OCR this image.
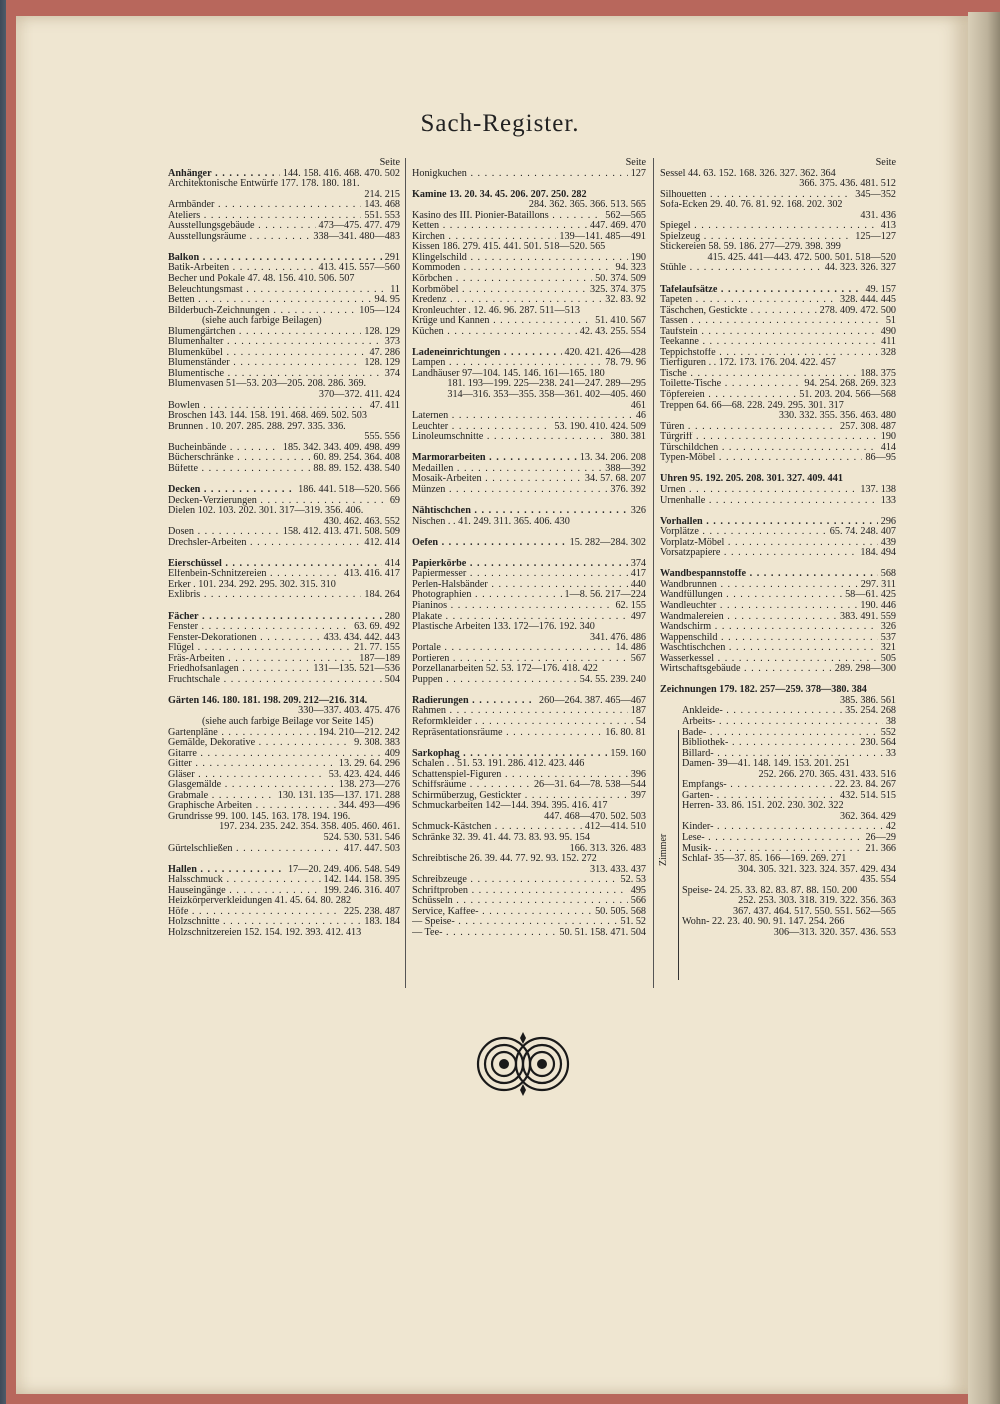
Sach-Register.
Seite
Anhänger . . .	144. 158. 416. 468. 470. 502
Architektonische Entwürfe 177. 178. 180. 181.
214. 215
Armbänder . . .	143. 468
Ateliers . . .	551. 553
Ausstellungsgebäude . . .	473—475. 477. 479
Ausstellungsräume . . .	338—341. 480—483
Balkon . . .	291
Batik-Arbeiten . . .	413. 415. 557—560
Becher und Pokale 47. 48. 156. 410. 506. 507
Beleuchtungsmast . . .	11
Betten . . .	94. 95
Bilderbuch-Zeichnungen . . .	105—124
(siehe auch farbige Beilagen)
Blumengärtchen . . .	128. 129
Blumenhalter . . .	373
Blumenkübel . . .	47. 286
Blumenständer . . .	128. 129
Blumentische . . .	374
Blumenvasen 51—53. 203—205. 208. 286. 369.
370—372. 411. 424
Bowlen . . .	47. 411
Broschen 143. 144. 158. 191. 468. 469. 502. 503
Brunnen . 10. 207. 285. 288. 297. 335. 336.
555. 556
Bucheinbände . . .	185. 342. 343. 409. 498. 499
Bücherschränke . . .	60. 89. 254. 364. 408
Büfette . . .	88. 89. 152. 438. 540
Decken . . .	186. 441. 518—520. 566
Decken-Verzierungen . . .	69
Dielen 102. 103. 202. 301. 317—319. 356. 406.
430. 462. 463. 552
Dosen . . .	158. 412. 413. 471. 508. 509
Drechsler-Arbeiten . . .	412. 414
Eierschüssel . . .	414
Elfenbein-Schnitzereien . . .	413. 416. 417
Erker . 101. 234. 292. 295. 302. 315. 310
Exlibris . . .	184. 264
Fächer . . .	280
Fenster . . .	63. 69. 492
Fenster-Dekorationen . . .	433. 434. 442. 443
Flügel . . .	21. 77. 155
Fräs-Arbeiten . . .	187—189
Friedhofsanlagen . . .	131—135. 521—536
Fruchtschale . . .	504
Gärten 146. 180. 181. 198. 209. 212—216. 314.
330—337. 403. 475. 476
(siehe auch farbige Beilage vor Seite 145)
Gartenpläne . . .	194. 210—212. 242
Gemälde, Dekorative . . .	9. 308. 383
Gitarre . . .	409
Gitter . . .	13. 29. 64. 296
Gläser . . .	53. 423. 424. 446
Glasgemälde . . .	138. 273—276
Grabmale . . .	130. 131. 135—137. 171. 288
Graphische Arbeiten . . .	344. 493—496
Grundrisse 99. 100. 145. 163. 178. 194. 196.
197. 234. 235. 242. 354. 358. 405. 460. 461.
524. 530. 531. 546
Gürtelschließen . . .	417. 447. 503
Hallen . . .	17—20. 249. 406. 548. 549
Halsschmuck . . .	142. 144. 158. 395
Hauseingänge . . .	199. 246. 316. 407
Heizkörperverkleidungen 41. 45. 64. 80. 282
Höfe . . .	225. 238. 487
Holzschnitte . . .	183. 184
Holzschnitzereien 152. 154. 192. 393. 412. 413
Seite
Honigkuchen . . .	127
Kamine 13. 20. 34. 45. 206. 207. 250. 282
284. 362. 365. 366. 513. 565
Kasino des III. Pionier-Bataillons . . .	562—565
Ketten . . .	447. 469. 470
Kirchen . . .	139—141. 485—491
Kissen 186. 279. 415. 441. 501. 518—520. 565
Klingelschild . . .	190
Kommoden . . .	94. 323
Körbchen . . .	50. 374. 509
Korbmöbel . . .	325. 374. 375
Kredenz . . .	32. 83. 92
Kronleuchter . 12. 46. 96. 287. 511—513
Krüge und Kannen . . .	51. 410. 567
Küchen . . .	42. 43. 255. 554
Ladeneinrichtungen . . .	420. 421. 426—428
Lampen . . .	78. 79. 96
Landhäuser 97—104. 145. 146. 161—165. 180
181. 193—199. 225—238. 241—247. 289—295
314—316. 353—355. 358—361. 402—405. 460
461
Laternen . . .	46
Leuchter . . .	53. 190. 410. 424. 509
Linoleumschnitte . . .	380. 381
Marmorarbeiten . . .	13. 34. 206. 208
Medaillen . . .	388—392
Mosaik-Arbeiten . . .	34. 57. 68. 207
Münzen . . .	376. 392
Nähtischchen . . .	326
Nischen . . 41. 249. 311. 365. 406. 430
Oefen . . .	15. 282—284. 302
Papierkörbe . . .	374
Papiermesser . . .	417
Perlen-Halsbänder . . .	440
Photographien . . .	1—8. 56. 217—224
Pianinos . . .	62. 155
Plakate . . .	497
Plastische Arbeiten 133. 172—176. 192. 340
341. 476. 486
Portale . . .	14. 486
Portieren . . .	567
Porzellanarbeiten 52. 53. 172—176. 418. 422
Puppen . . .	54. 55. 239. 240
Radierungen . . .	260—264. 387. 465—467
Rahmen . . .	187
Reformkleider . . .	54
Repräsentationsräume . . .	16. 80. 81
Sarkophag . . .	159. 160
Schalen . . 51. 53. 191. 286. 412. 423. 446
Schattenspiel-Figuren . . .	396
Schiffsräume . . .	26—31. 64—78. 538—544
Schirmüberzug, Gestickter . . .	397
Schmuckarbeiten 142—144. 394. 395. 416. 417
447. 468—470. 502. 503
Schmuck-Kästchen . . .	412—414. 510
Schränke 32. 39. 41. 44. 73. 83. 93. 95. 154
166. 313. 326. 483
Schreibtische 26. 39. 44. 77. 92. 93. 152. 272
313. 433. 437
Schreibzeuge . . .	52. 53
Schriftproben . . .	495
Schüsseln . . .	566
Service, Kaffee- . . .	50. 505. 568
— Speise- . . .	51. 52
— Tee- . . .	50. 51. 158. 471. 504
Seite
Sessel 44. 63. 152. 168. 326. 327. 362. 364
366. 375. 436. 481. 512
Silhouetten . . .	345—352
Sofa-Ecken 29. 40. 76. 81. 92. 168. 202. 302
431. 436
Spiegel . . .	413
Spielzeug . . .	125—127
Stickereien 58. 59. 186. 277—279. 398. 399
415. 425. 441—443. 472. 500. 501. 518—520
Stühle . . .	44. 323. 326. 327
Tafelaufsätze . . .	49. 157
Tapeten . . .	328. 444. 445
Täschchen, Gestickte . . .	278. 409. 472. 500
Tassen . . .	51
Taufstein . . .	490
Teekanne . . .	411
Teppichstoffe . . .	328
Tierfiguren . . 172. 173. 176. 204. 422. 457
Tische . . .	188. 375
Toilette-Tische . . .	94. 254. 268. 269. 323
Töpfereien . . .	51. 203. 204. 566—568
Treppen 64. 66—68. 228. 249. 295. 301. 317
330. 332. 355. 356. 463. 480
Türen . . .	257. 308. 487
Türgriff . . .	190
Türschildchen . . .	414
Typen-Möbel . . .	86—95
Uhren 95. 192. 205. 208. 301. 327. 409. 441
Urnen . . .	137. 138
Urnenhalle . . .	133
Vorhallen . . .	296
Vorplätze . . .	65. 74. 248. 407
Vorplatz-Möbel . . .	439
Vorsatzpapiere . . .	184. 494
Wandbespannstoffe . . .	568
Wandbrunnen . . .	297. 311
Wandfüllungen . . .	58—61. 425
Wandleuchter . . .	190. 446
Wandmalereien . . .	383. 491. 559
Wandschirm . . .	326
Wappenschild . . .	537
Waschtischchen . . .	321
Wasserkessel . . .	505
Wirtschaftsgebäude . . .	289. 298—300
Zeichnungen 179. 182. 257—259. 378—380. 384
385. 386. 561
Ankleide- . . .	35. 254. 268
Arbeits- . . .	38
Bade- . . .	552
Bibliothek- . . .	230. 564
Billard- . . .	33
Damen- 39—41. 148. 149. 153. 201. 251
252. 266. 270. 365. 431. 433. 516
Empfangs- . . .	22. 23. 84. 267
Garten- . . .	432. 514. 515
Herren- 33. 86. 151. 202. 230. 302. 322
362. 364. 429
Kinder- . . .	42
Lese- . . .	26—29
Musik- . . .	21. 366
Schlaf- 35—37. 85. 166—169. 269. 271
304. 305. 321. 323. 324. 357. 429. 434
435. 554
Speise- 24. 25. 33. 82. 83. 87. 88. 150. 200
252. 253. 303. 318. 319. 322. 356. 363
367. 437. 464. 517. 550. 551. 562—565
Wohn- 22. 23. 40. 90. 91. 147. 254. 266
306—313. 320. 357. 436. 553
Zimmer
